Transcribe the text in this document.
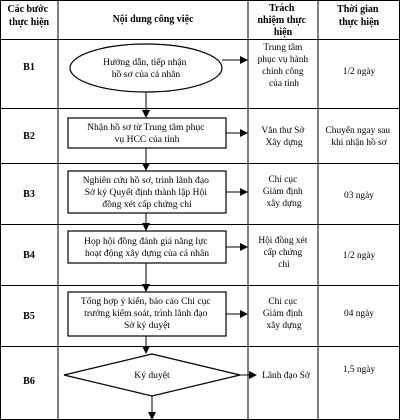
Các bước thực hiện	Nội dung công việc
Trách nhiệm thực hiện
Thời gian thực hiện
B1
B2
B3
B4
B5
B6
Hướng dẫn, tiếp nhận hồ sơ của cá nhân
Nhận hồ sơ từ Trung tâm phục vụ HCC của tỉnh
Nghiên cứu hồ sơ, trình lãnh đạo Sở ký Quyết định thành lập Hội đồng xét cấp chứng chỉ
Họp hội đồng đánh giá năng lực hoạt động xây dựng của cá nhân
Tổng hợp ý kiến, báo cáo Chi cục trưởng kiểm soát, trình lãnh đạo Sở ký duyệt
Ký duyệt
Trung tâm phục vụ hành chính công của tỉnh
Văn thư Sở Xây dựng
Chi cục Giám định xây dựng
Hội đồng xét cấp chứng chỉ
Chi cục Giám định xây dựng
Lãnh đạo Sở
1/2 ngày
Chuyển ngay sau khi nhận hồ sơ
03 ngày
1/2 ngày
04 ngày
1,5 ngày
